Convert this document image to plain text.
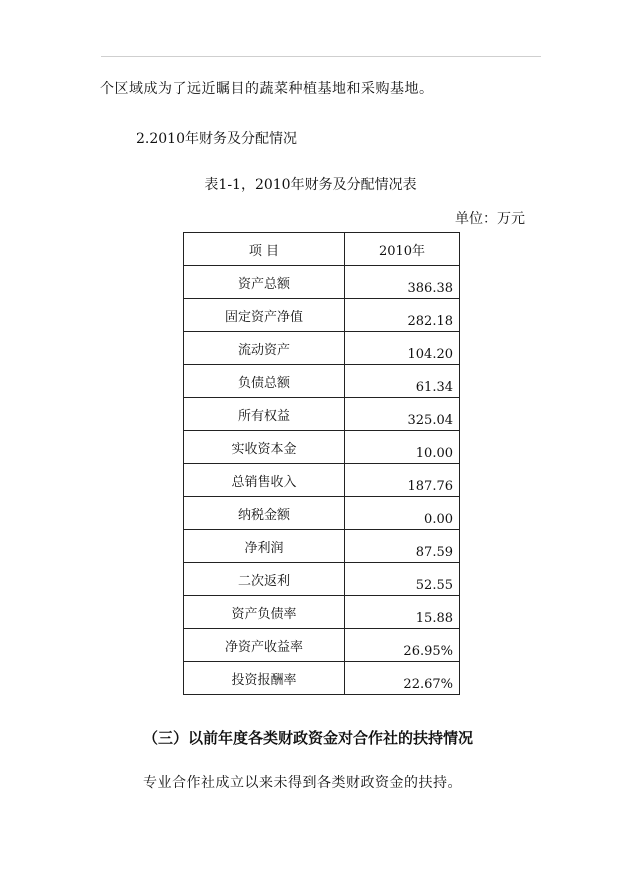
个区域成为了远近瞩目的蔬菜种植基地和采购基地。
2.2010年财务及分配情况
表1-1，2010年财务及分配情况表
单位：万元
项 目	2010年
资产总额	386.38
固定资产净值	282.18
流动资产	104.20
负债总额	61.34
所有权益	325.04
实收资本金	10.00
总销售收入	187.76
纳税金额	0.00
净利润	87.59
二次返利	52.55
资产负债率	15.88
净资产收益率	26.95%
投资报酬率	22.67%
（三）以前年度各类财政资金对合作社的扶持情况
专业合作社成立以来未得到各类财政资金的扶持。
